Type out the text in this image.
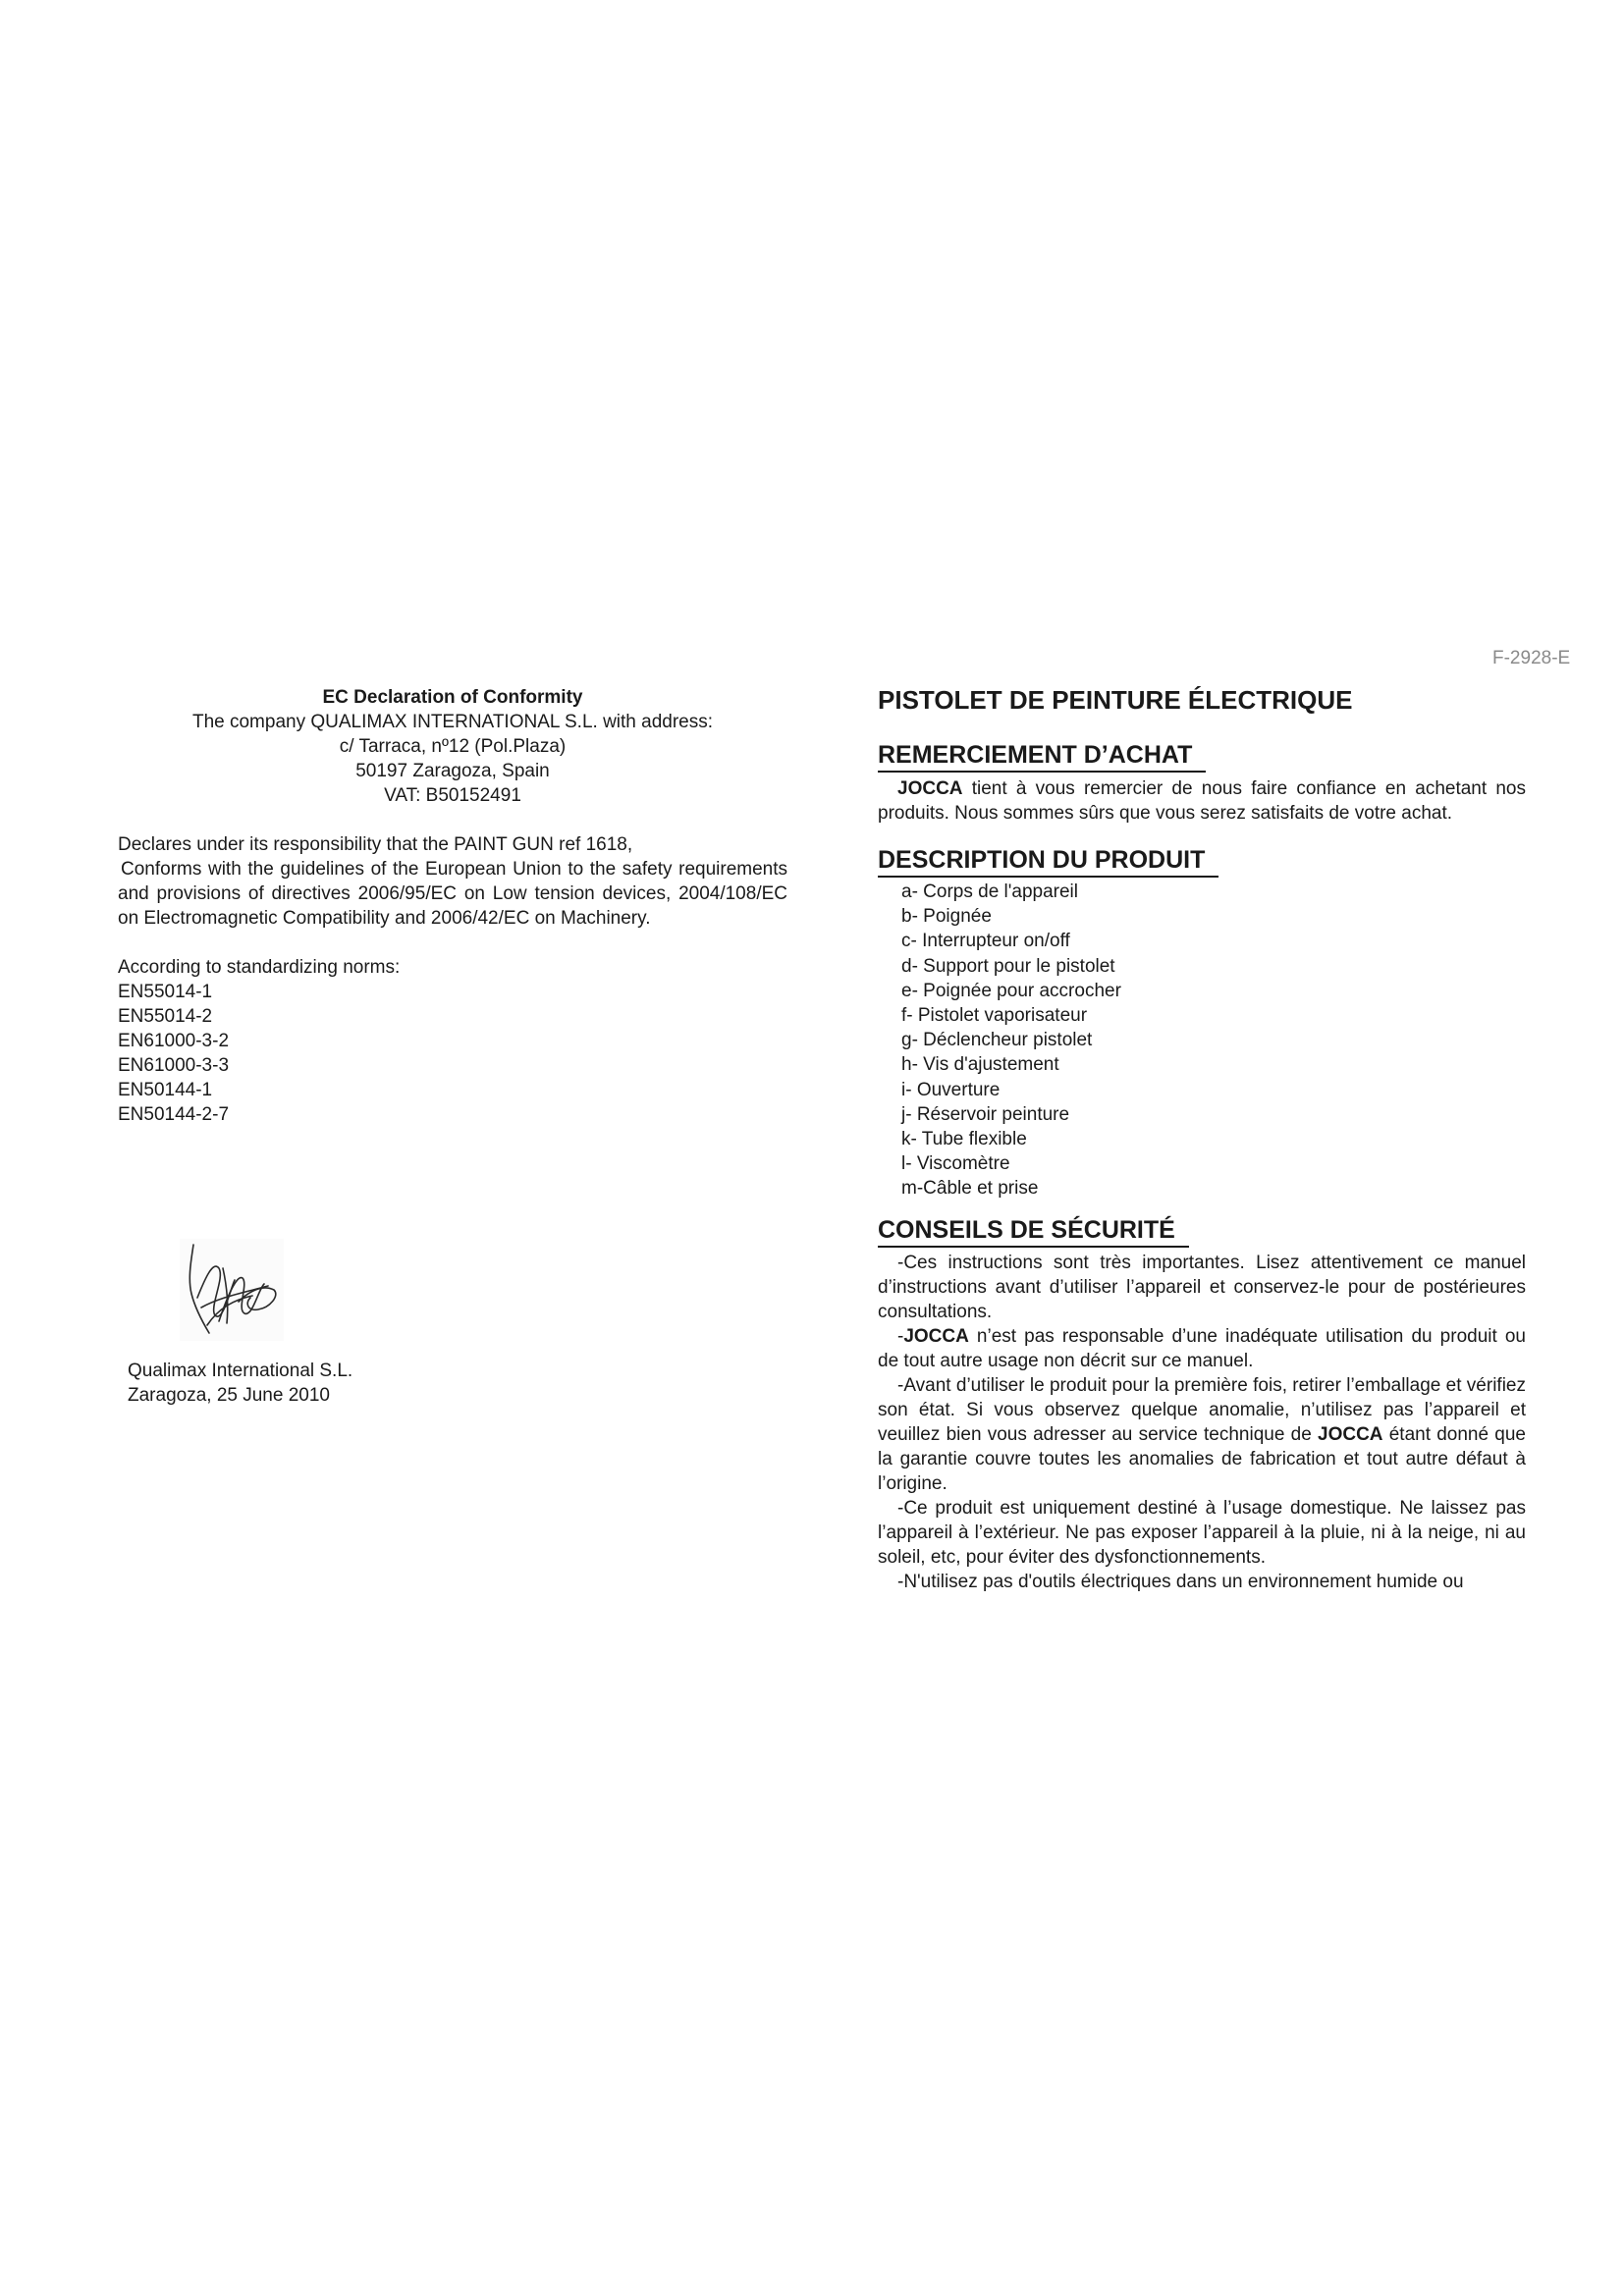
F-2928-E
EC Declaration of Conformity
The company QUALIMAX INTERNATIONAL S.L. with address:
c/ Tarraca, nº12 (Pol.Plaza)
50197 Zaragoza, Spain
VAT: B50152491
Declares under its responsibility that the PAINT GUN ref 1618,
Conforms with the guidelines of the European Union to the safety requirements and provisions of directives 2006/95/EC on Low tension devices, 2004/108/EC on Electromagnetic Compatibility and 2006/42/EC on Machinery.
According to standardizing norms:
EN55014-1
EN55014-2
EN61000-3-2
EN61000-3-3
EN50144-1
EN50144-2-7
Qualimax International S.L.
Zaragoza, 25 June 2010
PISTOLET DE PEINTURE ÉLECTRIQUE
REMERCIEMENT D’ACHAT

JOCCA tient à vous remercier de nous faire confiance en achetant nos produits. Nous sommes sûrs que vous serez satisfaits de votre achat.

DESCRIPTION DU PRODUIT
a- Corps de l'appareil
b- Poignée
c- Interrupteur on/off
d- Support pour le pistolet
e- Poignée pour accrocher
f- Pistolet vaporisateur
g- Déclencheur pistolet
h- Vis d'ajustement
i- Ouverture
j- Réservoir peinture
k- Tube flexible
l- Viscomètre
m-Câble et prise
CONSEILS DE SÉCURITÉ

-Ces instructions sont très importantes. Lisez attentivement ce manuel d’instructions avant d’utiliser l’appareil et conservez-le pour de postérieures consultations.

-JOCCA n’est pas responsable d’une inadéquate utilisation du produit ou de tout autre usage non décrit sur ce manuel.

-Avant d’utiliser le produit pour la première fois, retirer l’emballage et vérifiez son état. Si vous observez quelque anomalie, n’utilisez pas l’appareil et veuillez bien vous adresser au service technique de JOCCA étant donné que la garantie couvre toutes les anomalies de fabrication et tout autre défaut à l’origine.

-Ce produit est uniquement destiné à l’usage domestique. Ne laissez pas l’appareil à l’extérieur. Ne pas exposer l’appareil à la pluie, ni à la neige, ni au soleil, etc, pour éviter des dysfonctionnements.

-N'utilisez pas d'outils électriques dans un environnement humide ou
